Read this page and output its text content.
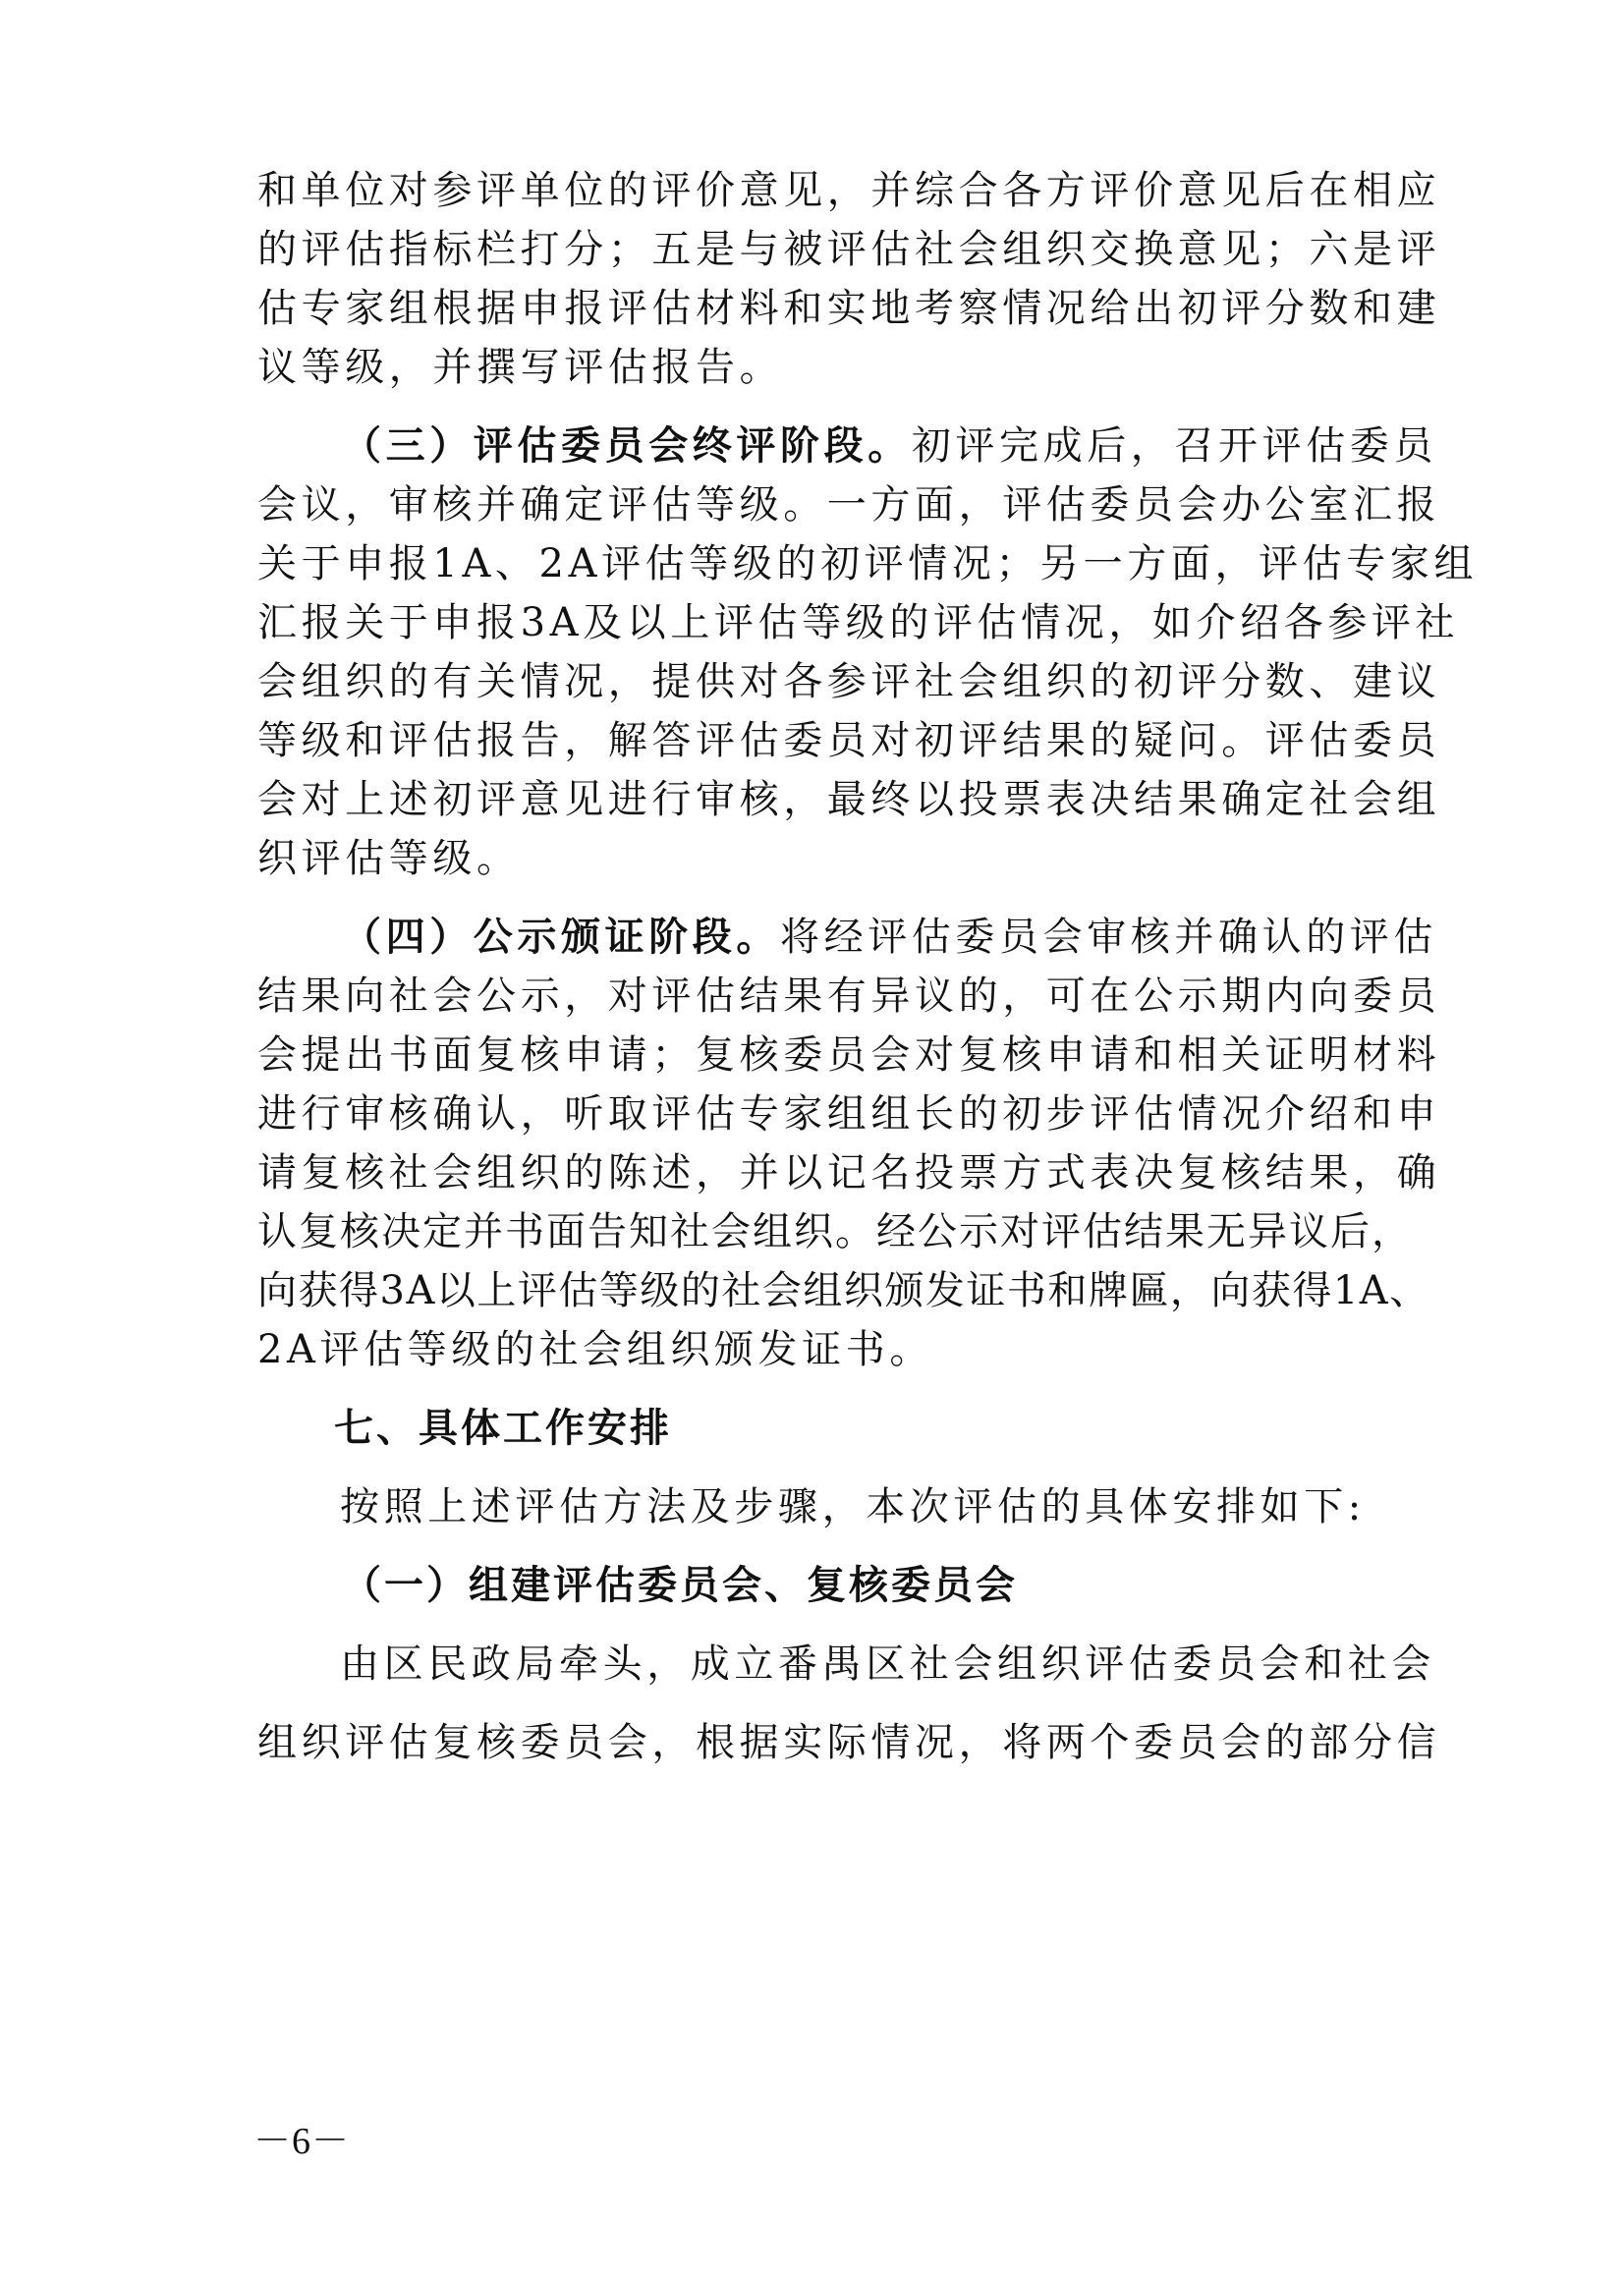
和单位对参评单位的评价意见，并综合各方评价意见后在相应
的评估指标栏打分；五是与被评估社会组织交换意见；六是评
估专家组根据申报评估材料和实地考察情况给出初评分数和建
议等级，并撰写评估报告。
（三）评估委员会终评阶段。初评完成后，召开评估委员
会议，审核并确定评估等级。一方面，评估委员会办公室汇报
关于申报1A、2A评估等级的初评情况；另一方面，评估专家组
汇报关于申报3A及以上评估等级的评估情况，如介绍各参评社
会组织的有关情况，提供对各参评社会组织的初评分数、建议
等级和评估报告，解答评估委员对初评结果的疑问。评估委员
会对上述初评意见进行审核，最终以投票表决结果确定社会组
织评估等级。
（四）公示颁证阶段。将经评估委员会审核并确认的评估
结果向社会公示，对评估结果有异议的，可在公示期内向委员
会提出书面复核申请；复核委员会对复核申请和相关证明材料
进行审核确认，听取评估专家组组长的初步评估情况介绍和申
请复核社会组织的陈述，并以记名投票方式表决复核结果，确
认复核决定并书面告知社会组织。经公示对评估结果无异议后，
向获得3A以上评估等级的社会组织颁发证书和牌匾，向获得1A、
2A评估等级的社会组织颁发证书。
七、具体工作安排
按照上述评估方法及步骤，本次评估的具体安排如下:
（一）组建评估委员会、复核委员会
由区民政局牵头，成立番禺区社会组织评估委员会和社会
组织评估复核委员会，根据实际情况，将两个委员会的部分信
－6－
